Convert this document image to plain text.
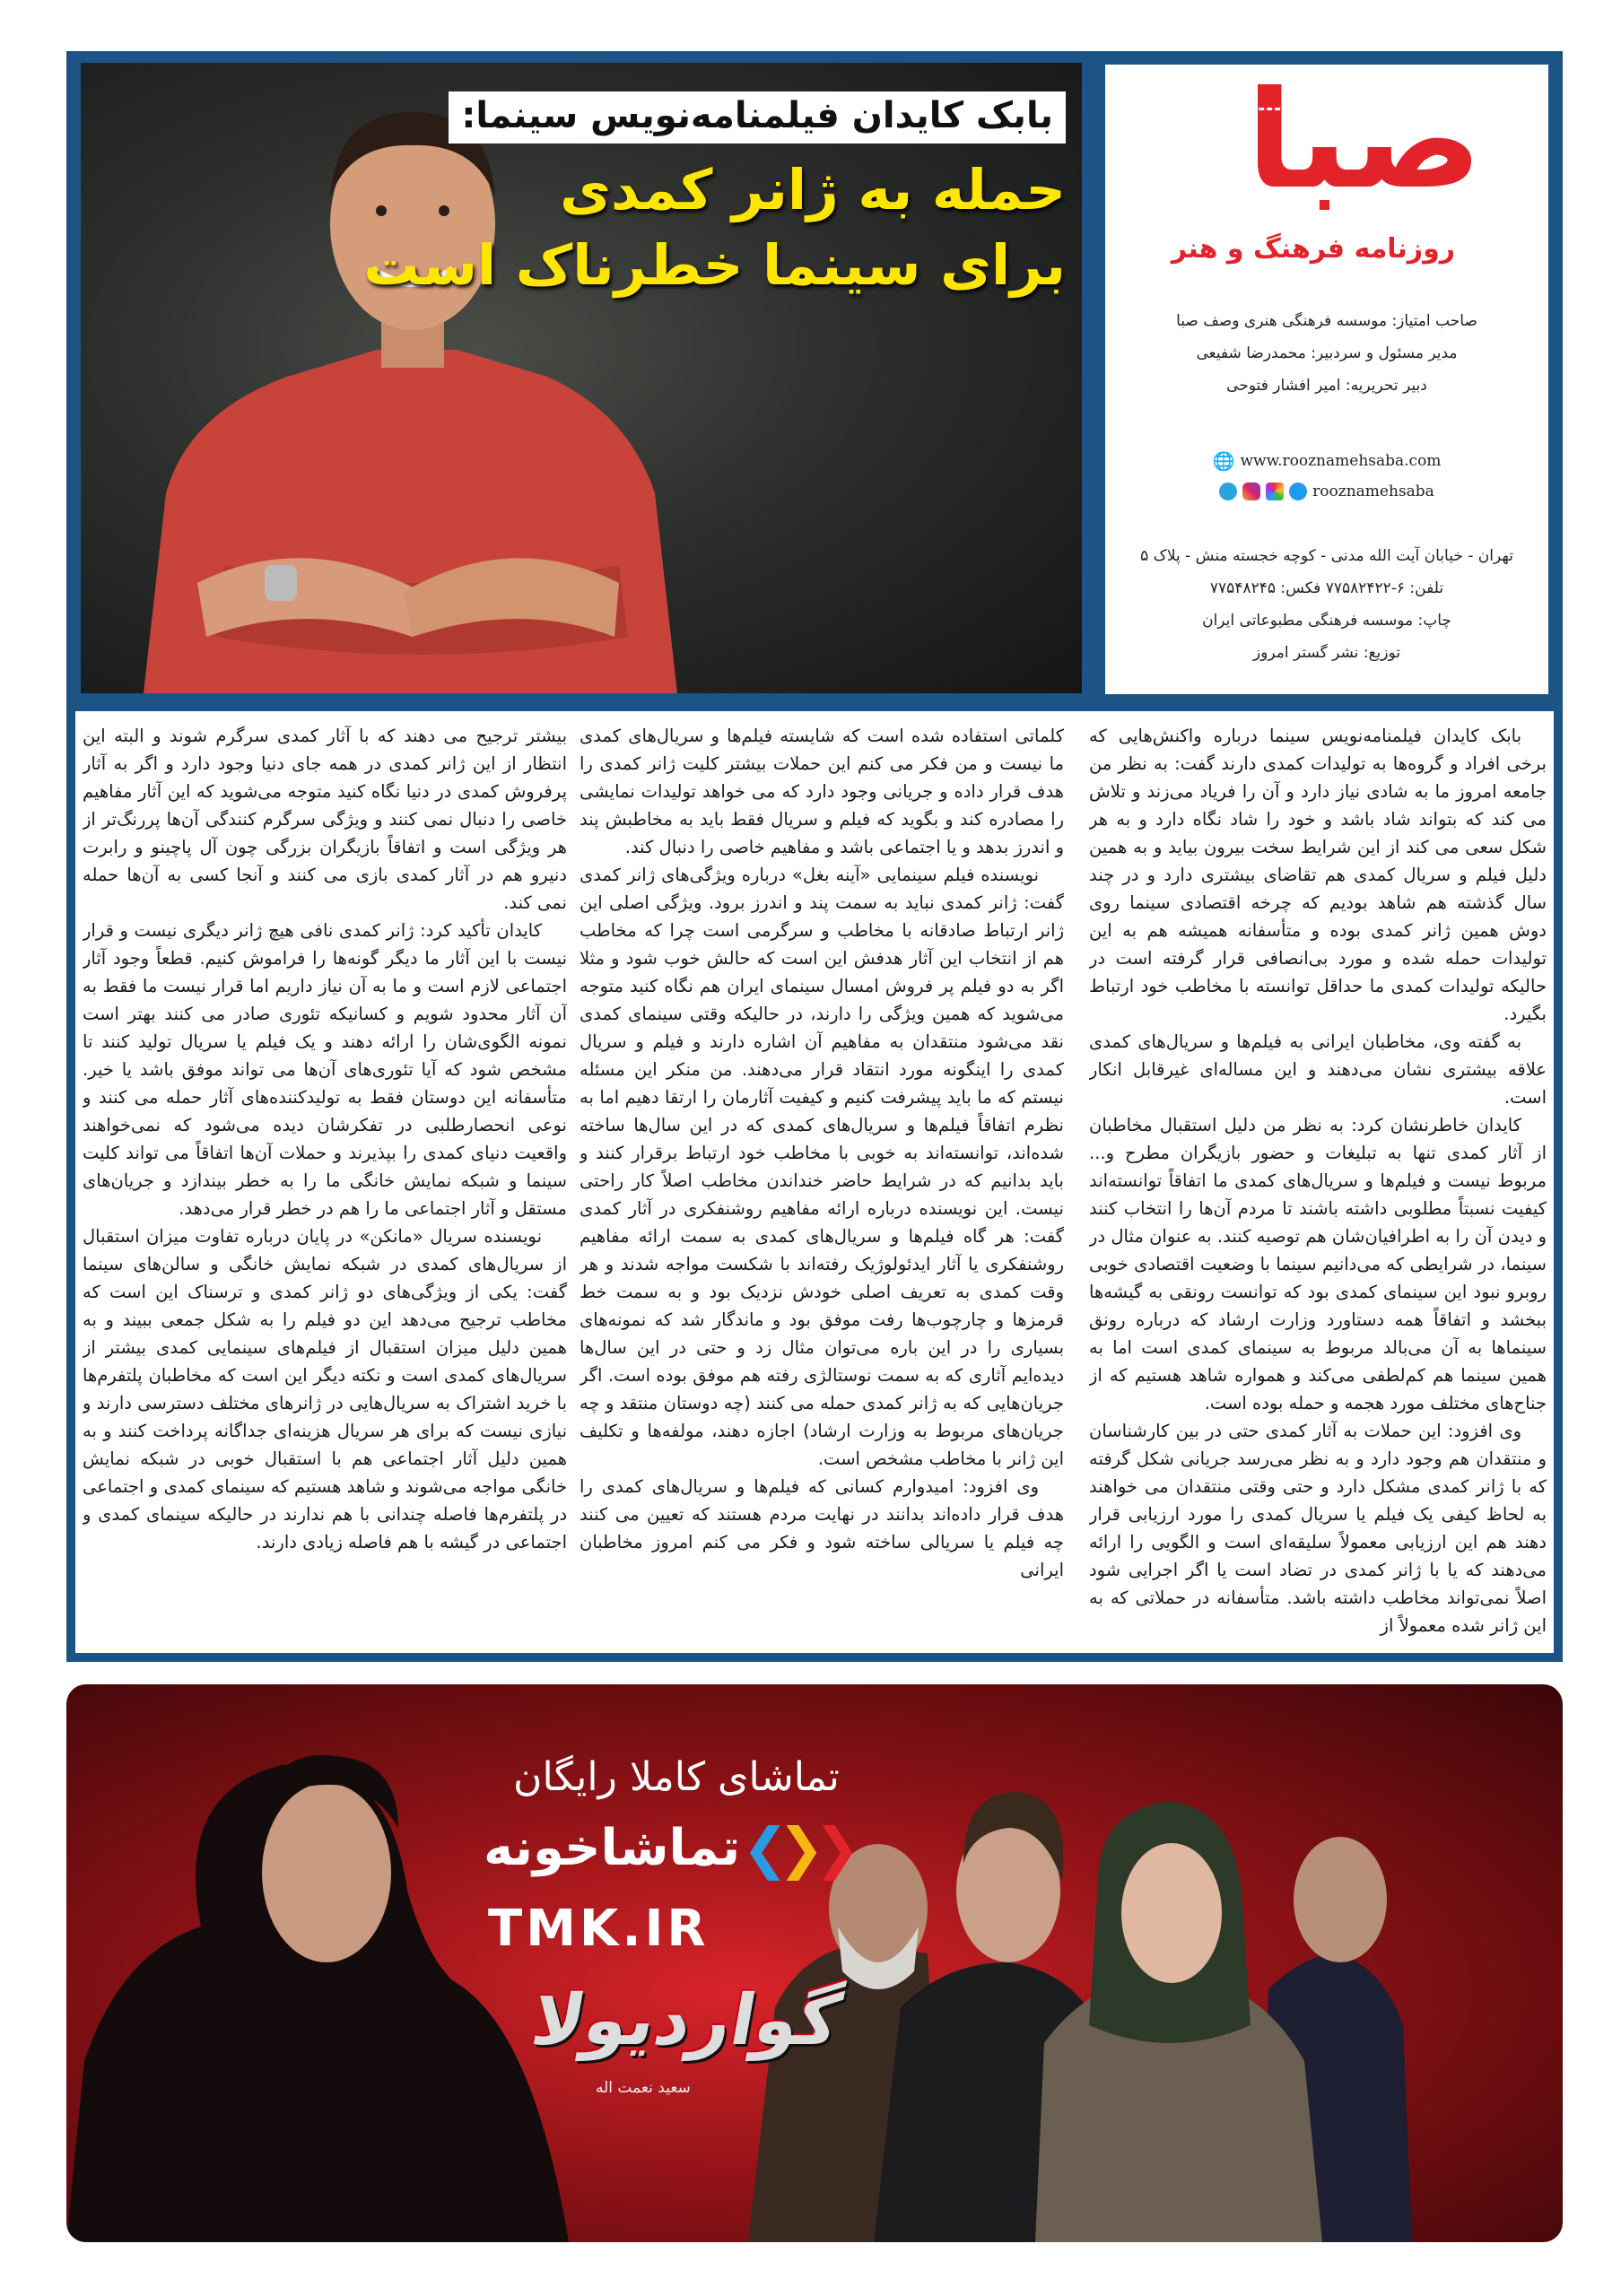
بابک کایدان فیلمنامه‌نویس سینما:
حمله به ژانر کمدی
برای سینما خطرناک است
صبا
روزنامه فرهنگ و هنر
صاحب امتیاز: موسسه فرهنگی هنری وصف صبا
مدیر مسئول و سردبیر: محمدرضا شفیعی
دبیر تحریریه: امیر افشار فتوحی
🌐 www.rooznamehsaba.com
rooznamehsaba
تهران - خیابان آیت الله مدنی - کوچه خجسته منش - پلاک ۵
تلفن: ۶-۷۷۵۸۲۴۲۲ فکس: ۷۷۵۴۸۲۴۵
چاپ: موسسه فرهنگی مطبوعاتی ایران
توزیع: نشر گستر امروز

بابک کایدان فیلمنامه‌نویس سینما درباره واکنش‌هایی که برخی افراد و گروه‌ها به تولیدات کمدی دارند گفت: به نظر من جامعه امروز ما به شادی نیاز دارد و آن را فریاد می‌زند و تلاش می کند که بتواند شاد باشد و خود را شاد نگاه دارد و به هر شکل سعی می کند از این شرایط سخت بیرون بیاید و به همین دلیل فیلم و سریال کمدی هم تقاضای بیشتری دارد و در چند سال گذشته هم شاهد بودیم که چرخه اقتصادی سینما روی دوش همین ژانر کمدی بوده و متأسفانه همیشه هم به این تولیدات حمله شده و مورد بی‌انصافی قرار گرفته است در حالیکه تولیدات کمدی ما حداقل توانسته با مخاطب خود ارتباط بگیرد.

به گفته وی، مخاطبان ایرانی به فیلم‌ها و سریال‌های کمدی علاقه بیشتری نشان می‌دهند و این مساله‌ای غیرقابل انکار است.

کایدان خاطرنشان کرد: به نظر من دلیل استقبال مخاطبان از آثار کمدی تنها به تبلیغات و حضور بازیگران مطرح و... مربوط نیست و فیلم‌ها و سریال‌های کمدی ما اتفاقاً توانسته‌اند کیفیت نسبتاً مطلوبی داشته باشند تا مردم آن‌ها را انتخاب کنند و دیدن آن را به اطرافیان‌شان هم توصیه کنند. به عنوان مثال در سینما، در شرایطی که می‌دانیم سینما با وضعیت اقتصادی خوبی روبرو نبود این سینمای کمدی بود که توانست رونقی به گیشه‌ها ببخشد و اتفاقاً همه دستاورد وزارت ارشاد که درباره رونق سینماها به آن می‌بالد مربوط به سینمای کمدی است اما به همین سینما هم کم‌لطفی می‌کند و همواره شاهد هستیم که از جناح‌های مختلف مورد هجمه و حمله بوده است.

وی افزود: این حملات به آثار کمدی حتی در بین کارشناسان و منتقدان هم وجود دارد و به نظر می‌رسد جریانی شکل گرفته که با ژانر کمدی مشکل دارد و حتی وقتی منتقدان می خواهند به لحاظ کیفی یک فیلم یا سریال کمدی را مورد ارزیابی قرار دهند هم این ارزیابی معمولاً سلیقه‌ای است و الگویی را ارائه می‌دهند که یا با ژانر کمدی در تضاد است یا اگر اجرایی شود اصلاً نمی‌تواند مخاطب داشته باشد. متأسفانه در حملاتی که به این ژانر شده معمولاً از

کلماتی استفاده شده است که شایسته فیلم‌ها و سریال‌های کمدی ما نیست و من فکر می کنم این حملات بیشتر کلیت ژانر کمدی را هدف قرار داده و جریانی وجود دارد که می خواهد تولیدات نمایشی را مصادره کند و بگوید که فیلم و سریال فقط باید به مخاطبش پند و اندرز بدهد و یا اجتماعی باشد و مفاهیم خاصی را دنبال کند.

نویسنده فیلم سینمایی «آینه بغل» درباره ویژگی‌های ژانر کمدی گفت: ژانر کمدی نباید به سمت پند و اندرز برود. ویژگی اصلی این ژانر ارتباط صادقانه با مخاطب و سرگرمی است چرا که مخاطب هم از انتخاب این آثار هدفش این است که حالش خوب شود و مثلا اگر به دو فیلم پر فروش امسال سینمای ایران هم نگاه کنید متوجه می‌شوید که همین ویژگی را دارند، در حالیکه وقتی سینمای کمدی نقد می‌شود منتقدان به مفاهیم آن اشاره دارند و فیلم و سریال کمدی را اینگونه مورد انتقاد قرار می‌دهند. من منکر این مسئله نیستم که ما باید پیشرفت کنیم و کیفیت آثارمان را ارتقا دهیم اما به نظرم اتفاقاً فیلم‌ها و سریال‌های کمدی که در این سال‌ها ساخته شده‌اند، توانسته‌اند به خوبی با مخاطب خود ارتباط برقرار کنند و باید بدانیم که در شرایط حاضر خنداندن مخاطب اصلاً کار راحتی نیست. این نویسنده درباره ارائه مفاهیم روشنفکری در آثار کمدی گفت: هر گاه فیلم‌ها و سریال‌های کمدی به سمت ارائه مفاهیم روشنفکری یا آثار ایدئولوژیک رفته‌اند با شکست مواجه شدند و هر وقت کمدی به تعریف اصلی خودش نزدیک بود و به سمت خط قرمزها و چارچوب‌ها رفت موفق بود و ماندگار شد که نمونه‌های بسیاری را در این باره می‌توان مثال زد و حتی در این سال‌ها دیده‌ایم آثاری که به سمت نوستالژی رفته هم موفق بوده است. اگر جریان‌هایی که به ژانر کمدی حمله می کنند (چه دوستان منتقد و چه جریان‌های مربوط به وزارت ارشاد) اجازه دهند، مولفه‌ها و تکلیف این ژانر با مخاطب مشخص است.

وی افزود: امیدوارم کسانی که فیلم‌ها و سریال‌های کمدی را هدف قرار داده‌اند بدانند در نهایت مردم هستند که تعیین می کنند چه فیلم یا سریالی ساخته شود و فکر می کنم امروز مخاطبان ایرانی

بیشتر ترجیح می دهند که با آثار کمدی سرگرم شوند و البته این انتظار از این ژانر کمدی در همه جای دنیا وجود دارد و اگر به آثار پرفروش کمدی در دنیا نگاه کنید متوجه می‌شوید که این آثار مفاهیم خاصی را دنبال نمی کنند و ویژگی سرگرم کنندگی آن‌ها پررنگ‌تر از هر ویژگی است و اتفاقاً بازیگران بزرگی چون آل پاچینو و رابرت دنیرو هم در آثار کمدی بازی می کنند و آنجا کسی به آن‌ها حمله نمی کند.

کایدان تأکید کرد: ژانر کمدی نافی هیچ ژانر دیگری نیست و قرار نیست با این آثار ما دیگر گونه‌ها را فراموش کنیم. قطعاً وجود آثار اجتماعی لازم است و ما به آن نیاز داریم اما قرار نیست ما فقط به آن آثار محدود شویم و کسانیکه تئوری صادر می کنند بهتر است نمونه الگوی‌شان را ارائه دهند و یک فیلم یا سریال تولید کنند تا مشخص شود که آیا تئوری‌های آن‌ها می تواند موفق باشد یا خیر. متأسفانه این دوستان فقط به تولیدکننده‌های آثار حمله می کنند و نوعی انحصارطلبی در تفکرشان دیده می‌شود که نمی‌خواهند واقعیت دنیای کمدی را بپذیرند و حملات آن‌ها اتفاقاً می تواند کلیت سینما و شبکه نمایش خانگی ما را به خطر بیندازد و جریان‌های مستقل و آثار اجتماعی ما را هم در خطر قرار می‌دهد.

نویسنده سریال «مانکن» در پایان درباره تفاوت میزان استقبال از سریال‌های کمدی در شبکه نمایش خانگی و سالن‌های سینما گفت: یکی از ویژگی‌های دو ژانر کمدی و ترسناک این است که مخاطب ترجیح می‌دهد این دو فیلم را به شکل جمعی ببیند و به همین دلیل میزان استقبال از فیلم‌های سینمایی کمدی بیشتر از سریال‌های کمدی است و نکته دیگر این است که مخاطبان پلتفرم‌ها با خرید اشتراک به سریال‌هایی در ژانرهای مختلف دسترسی دارند و نیازی نیست که برای هر سریال هزینه‌ای جداگانه پرداخت کنند و به همین دلیل آثار اجتماعی هم با استقبال خوبی در شبکه نمایش خانگی مواجه می‌شوند و شاهد هستیم که سینمای کمدی و اجتماعی در پلتفرم‌ها فاصله چندانی با هم ندارند در حالیکه سینمای کمدی و اجتماعی در گیشه با هم فاصله زیادی دارند.

تماشای کاملا رایگان
تماشاخونه ❮
❯
❯
TMK.IR
گواردیولا
سعید نعمت اله
